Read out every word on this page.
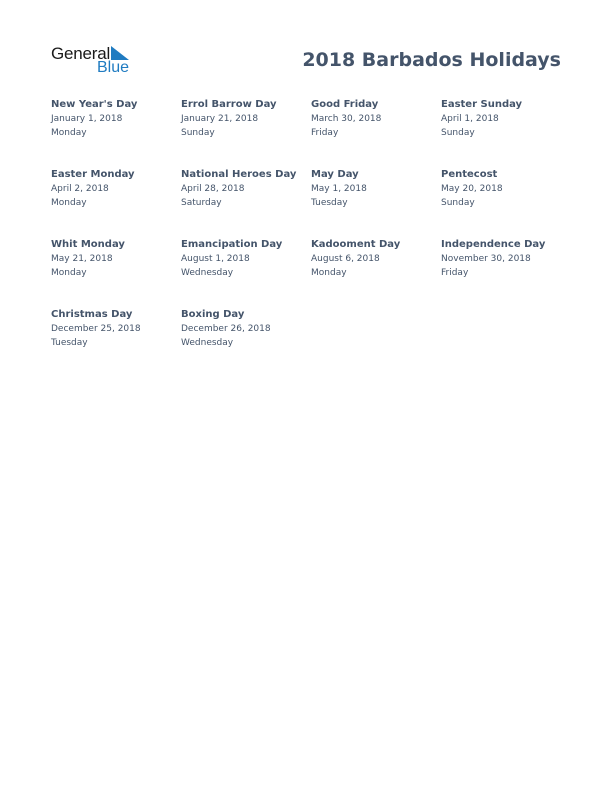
General
Blue	2018 Barbados Holidays
New Year's Day
January 1, 2018
Monday
Errol Barrow Day
January 21, 2018
Sunday
Good Friday
March 30, 2018
Friday
Easter Sunday
April 1, 2018
Sunday
Easter Monday
April 2, 2018
Monday
National Heroes Day
April 28, 2018
Saturday
May Day
May 1, 2018
Tuesday
Pentecost
May 20, 2018
Sunday
Whit Monday
May 21, 2018
Monday
Emancipation Day
August 1, 2018
Wednesday
Kadooment Day
August 6, 2018
Monday
Independence Day
November 30, 2018
Friday
Christmas Day
December 25, 2018
Tuesday
Boxing Day
December 26, 2018
Wednesday
